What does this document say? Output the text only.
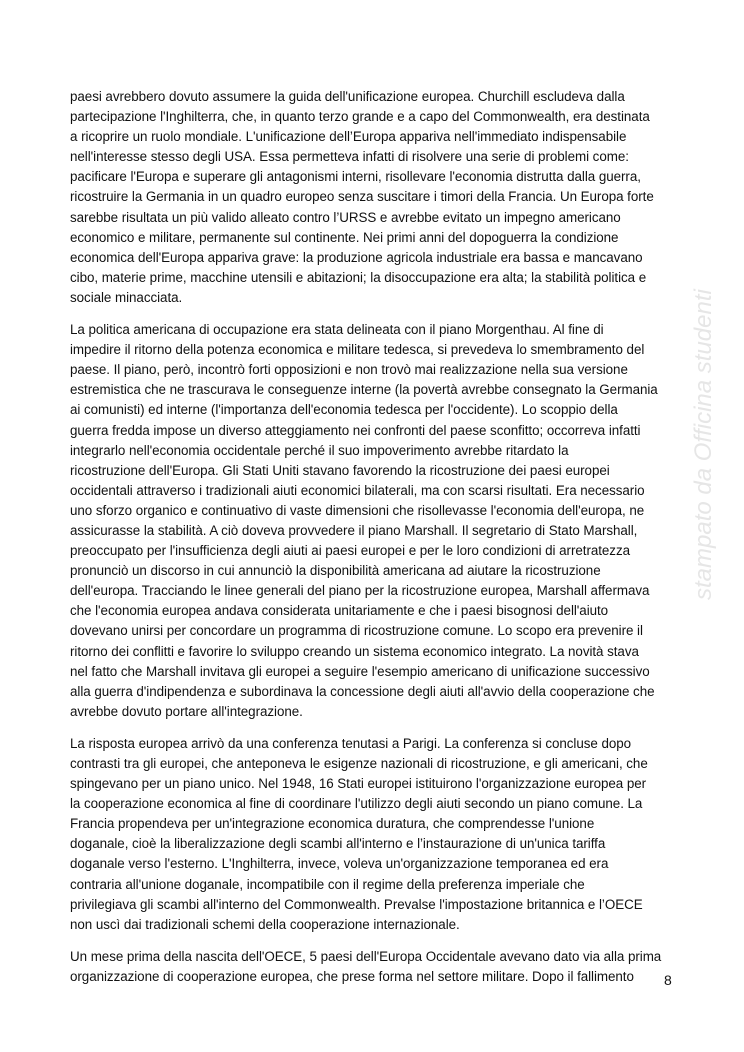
stampato da Officina studenti

paesi avrebbero dovuto assumere la guida dell'unificazione europea. Churchill escludeva dalla
partecipazione l'Inghilterra, che, in quanto terzo grande e a capo del Commonwealth, era destinata
a ricoprire un ruolo mondiale. L'unificazione dell’Europa appariva nell'immediato indispensabile
nell'interesse stesso degli USA. Essa permetteva infatti di risolvere una serie di problemi come:
pacificare l'Europa e superare gli antagonismi interni, risollevare l'economia distrutta dalla guerra,
ricostruire la Germania in un quadro europeo senza suscitare i timori della Francia. Un Europa forte
sarebbe risultata un più valido alleato contro l’URSS e avrebbe evitato un impegno americano
economico e militare, permanente sul continente. Nei primi anni del dopoguerra la condizione
economica dell'Europa appariva grave: la produzione agricola industriale era bassa e mancavano
cibo, materie prime, macchine utensili e abitazioni; la disoccupazione era alta; la stabilità politica e
sociale minacciata.

La politica americana di occupazione era stata delineata con il piano Morgenthau. Al fine di
impedire il ritorno della potenza economica e militare tedesca, si prevedeva lo smembramento del
paese. Il piano, però, incontrò forti opposizioni e non trovò mai realizzazione nella sua versione
estremistica che ne trascurava le conseguenze interne (la povertà avrebbe consegnato la Germania
ai comunisti) ed interne (l'importanza dell'economia tedesca per l'occidente). Lo scoppio della
guerra fredda impose un diverso atteggiamento nei confronti del paese sconfitto; occorreva infatti
integrarlo nell'economia occidentale perché il suo impoverimento avrebbe ritardato la
ricostruzione dell'Europa. Gli Stati Uniti stavano favorendo la ricostruzione dei paesi europei
occidentali attraverso i tradizionali aiuti economici bilaterali, ma con scarsi risultati. Era necessario
uno sforzo organico e continuativo di vaste dimensioni che risollevasse l'economia dell'europa, ne
assicurasse la stabilità. A ciò doveva provvedere il piano Marshall. Il segretario di Stato Marshall,
preoccupato per l'insufficienza degli aiuti ai paesi europei e per le loro condizioni di arretratezza
pronunciò un discorso in cui annunciò la disponibilità americana ad aiutare la ricostruzione
dell'europa. Tracciando le linee generali del piano per la ricostruzione europea, Marshall affermava
che l'economia europea andava considerata unitariamente e che i paesi bisognosi dell'aiuto
dovevano unirsi per concordare un programma di ricostruzione comune. Lo scopo era prevenire il
ritorno dei conflitti e favorire lo sviluppo creando un sistema economico integrato. La novità stava
nel fatto che Marshall invitava gli europei a seguire l'esempio americano di unificazione successivo
alla guerra d'indipendenza e subordinava la concessione degli aiuti all'avvio della cooperazione che
avrebbe dovuto portare all'integrazione.

La risposta europea arrivò da una conferenza tenutasi a Parigi. La conferenza si concluse dopo
contrasti tra gli europei, che anteponeva le esigenze nazionali di ricostruzione, e gli americani, che
spingevano per un piano unico. Nel 1948, 16 Stati europei istituirono l'organizzazione europea per
la cooperazione economica al fine di coordinare l'utilizzo degli aiuti secondo un piano comune. La
Francia propendeva per un'integrazione economica duratura, che comprendesse l'unione
doganale, cioè la liberalizzazione degli scambi all'interno e l’instaurazione di un'unica tariffa
doganale verso l'esterno. L'Inghilterra, invece, voleva un'organizzazione temporanea ed era
contraria all'unione doganale, incompatibile con il regime della preferenza imperiale che
privilegiava gli scambi all'interno del Commonwealth. Prevalse l'impostazione britannica e l’OECE
non uscì dai tradizionali schemi della cooperazione internazionale.

Un mese prima della nascita dell'OECE, 5 paesi dell'Europa Occidentale avevano dato via alla prima
organizzazione di cooperazione europea, che prese forma nel settore militare. Dopo il fallimento	8
